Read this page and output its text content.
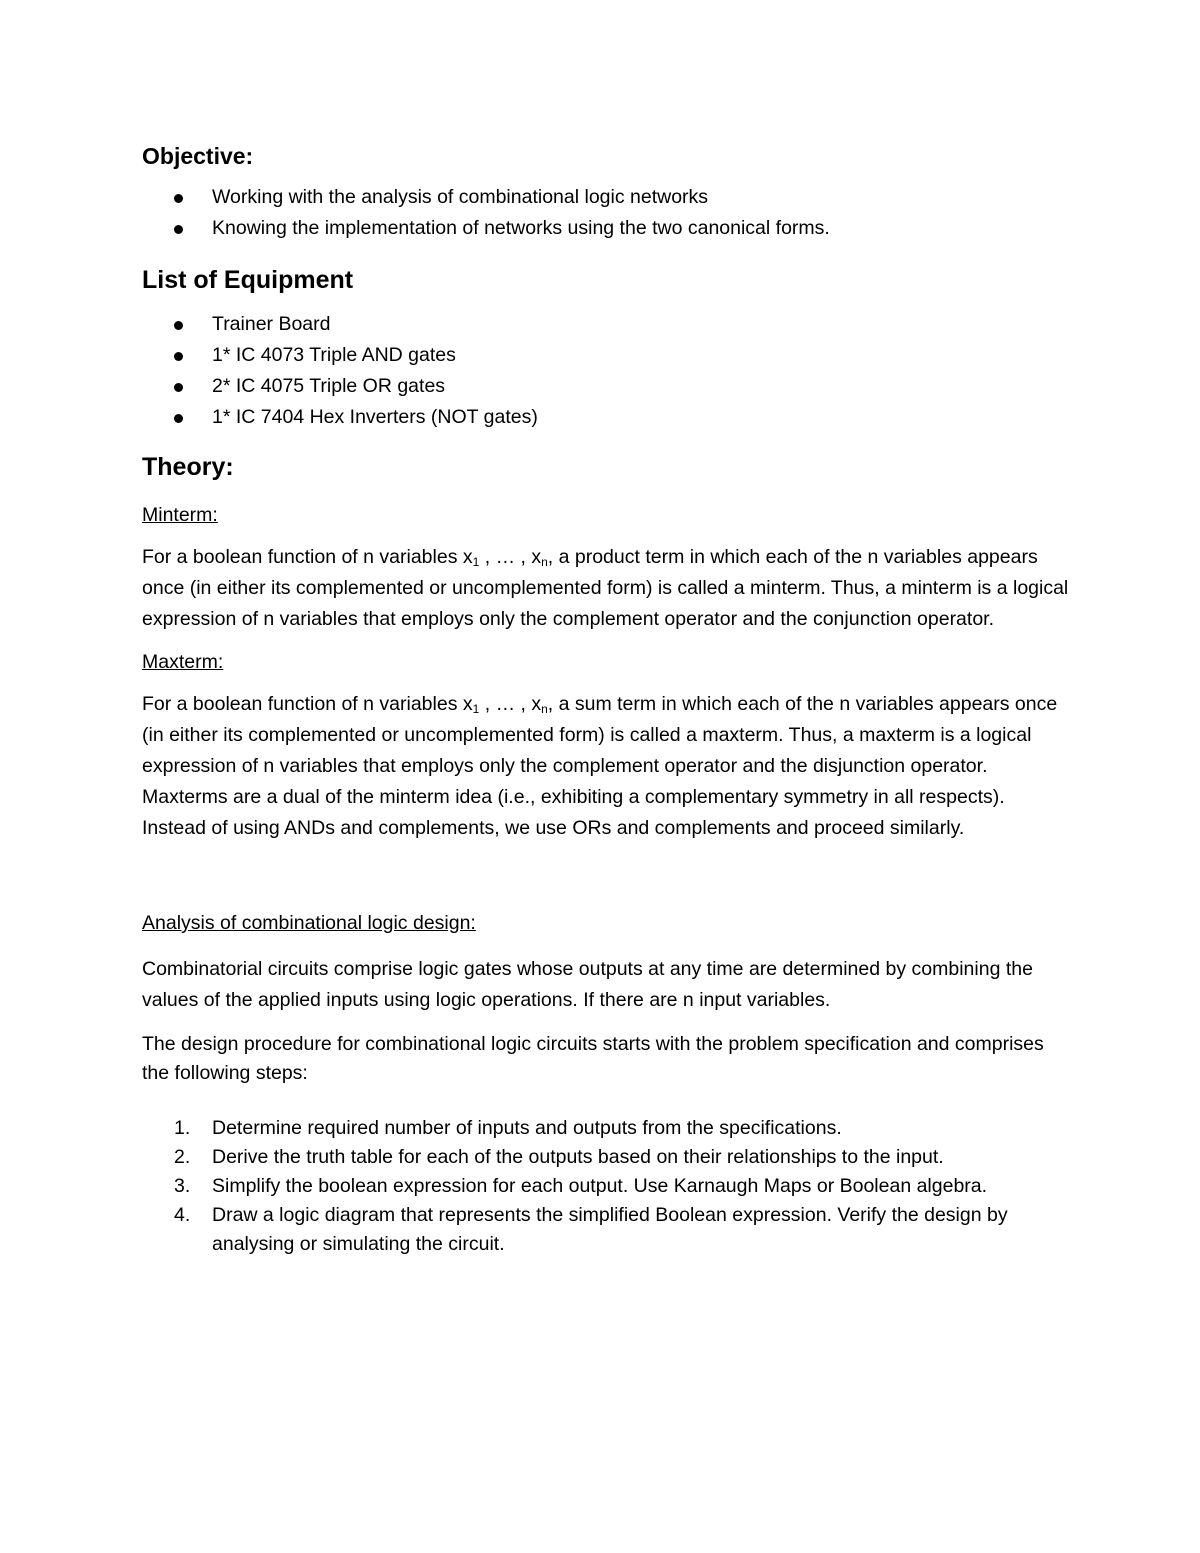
Objective:
Working with the analysis of combinational logic networks
Knowing the implementation of networks using the two canonical forms.
List of Equipment
Trainer Board
1* IC 4073 Triple AND gates
2* IC 4075 Triple OR gates
1* IC 7404 Hex Inverters (NOT gates)
Theory:
Minterm:

For a boolean function of n variables $x_1$ , … , $x_n$, a product term in which each of the n variables appears once (in either its complemented or uncomplemented form) is called a minterm. Thus, a minterm is a logical expression of n variables that employs only the complement operator and the conjunction operator.

Maxterm:

For a boolean function of n variables $x_1$ , … , $x_n$, a sum term in which each of the n variables appears once (in either its complemented or uncomplemented form) is called a maxterm. Thus, a maxterm is a logical expression of n variables that employs only the complement operator and the disjunction operator. Maxterms are a dual of the minterm idea (i.e., exhibiting a complementary symmetry in all respects). Instead of using ANDs and complements, we use ORs and complements and proceed similarly.

Analysis of combinational logic design:

Combinatorial circuits comprise logic gates whose outputs at any time are determined by combining the values of the applied inputs using logic operations. If there are n input variables.

The design procedure for combinational logic circuits starts with the problem specification and comprises the following steps:

1. Determine required number of inputs and outputs from the specifications.
2. Derive the truth table for each of the outputs based on their relationships to the input.
3. Simplify the boolean expression for each output. Use Karnaugh Maps or Boolean algebra.
4. Draw a logic diagram that represents the simplified Boolean expression. Verify the design by analysing or simulating the circuit.
